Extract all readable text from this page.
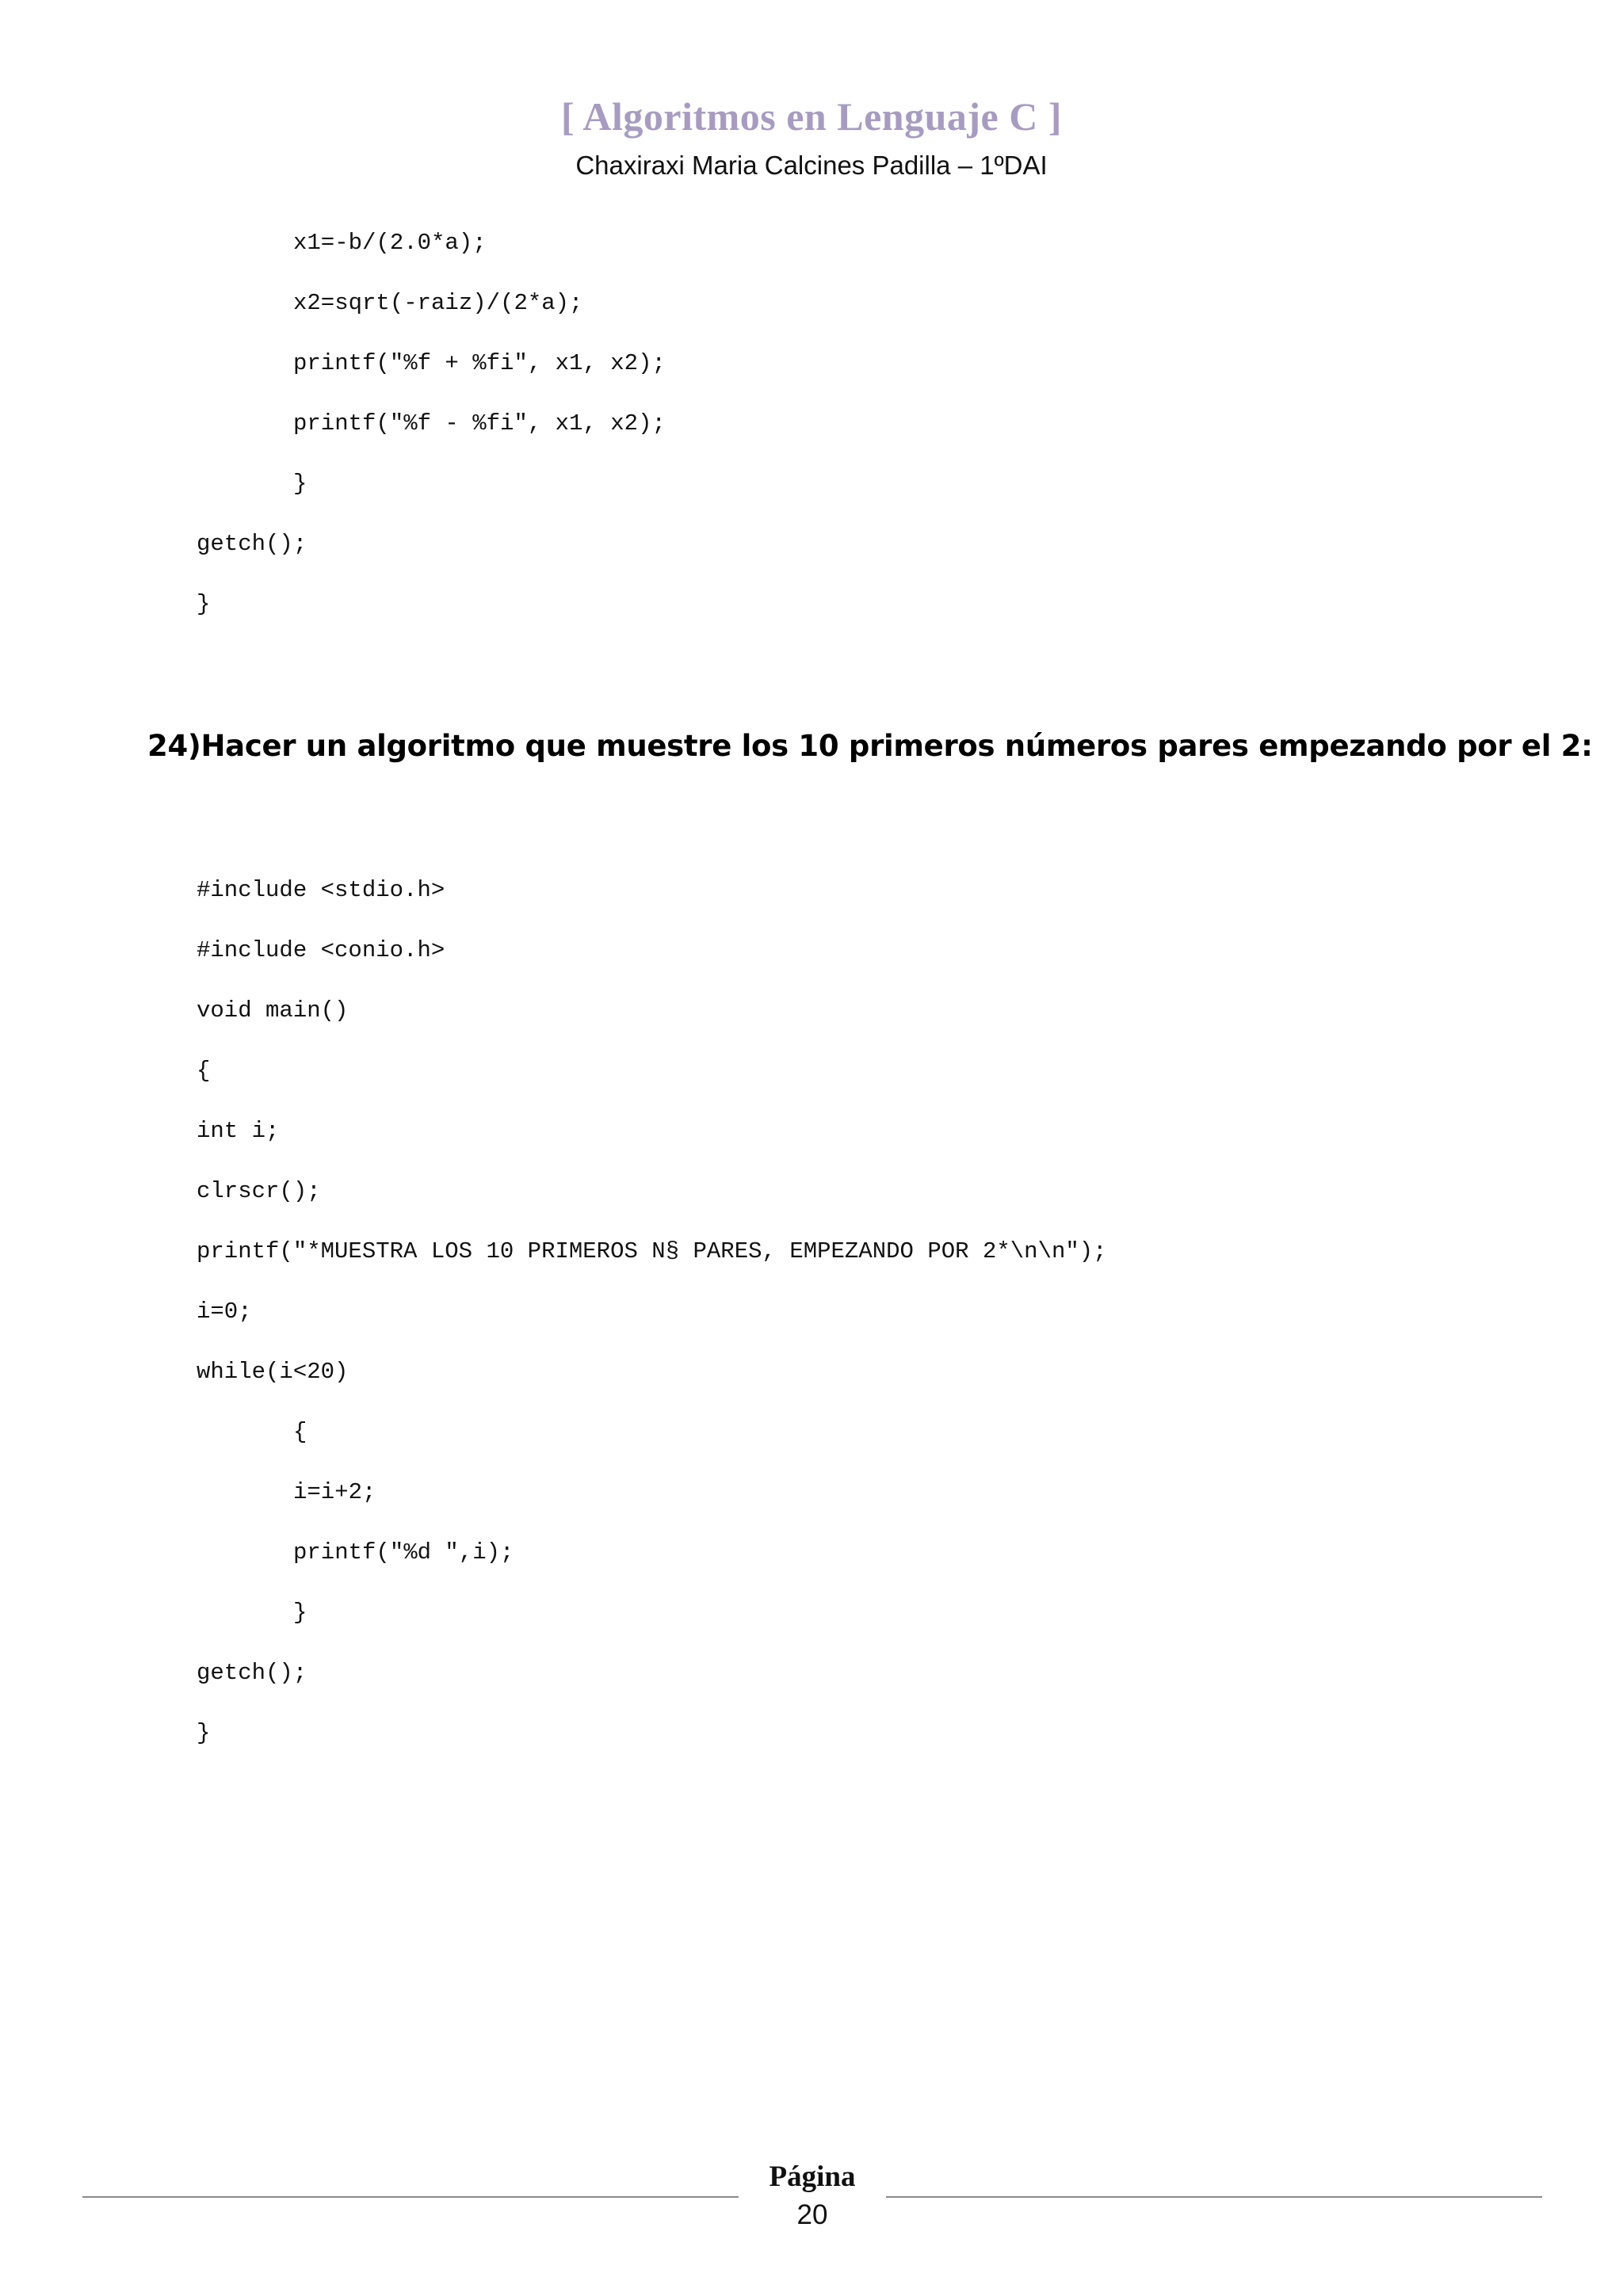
[ Algoritmos en Lenguaje C ]
Chaxiraxi Maria Calcines Padilla – 1ºDAI
x1=-b/(2.0*a);
x2=sqrt(-raiz)/(2*a);
printf("%f + %fi", x1, x2);
printf("%f - %fi", x1, x2);
}
getch();
}
24)Hacer un algoritmo que muestre los 10 primeros números pares empezando por el 2:
#include <stdio.h>
#include <conio.h>
void main()
{
int i;
clrscr();
printf("*MUESTRA LOS 10 PRIMEROS N§ PARES, EMPEZANDO POR 2*\n\n");
i=0;
while(i<20)
{
i=i+2;
printf("%d ",i);
}
getch();
}
Página
20
